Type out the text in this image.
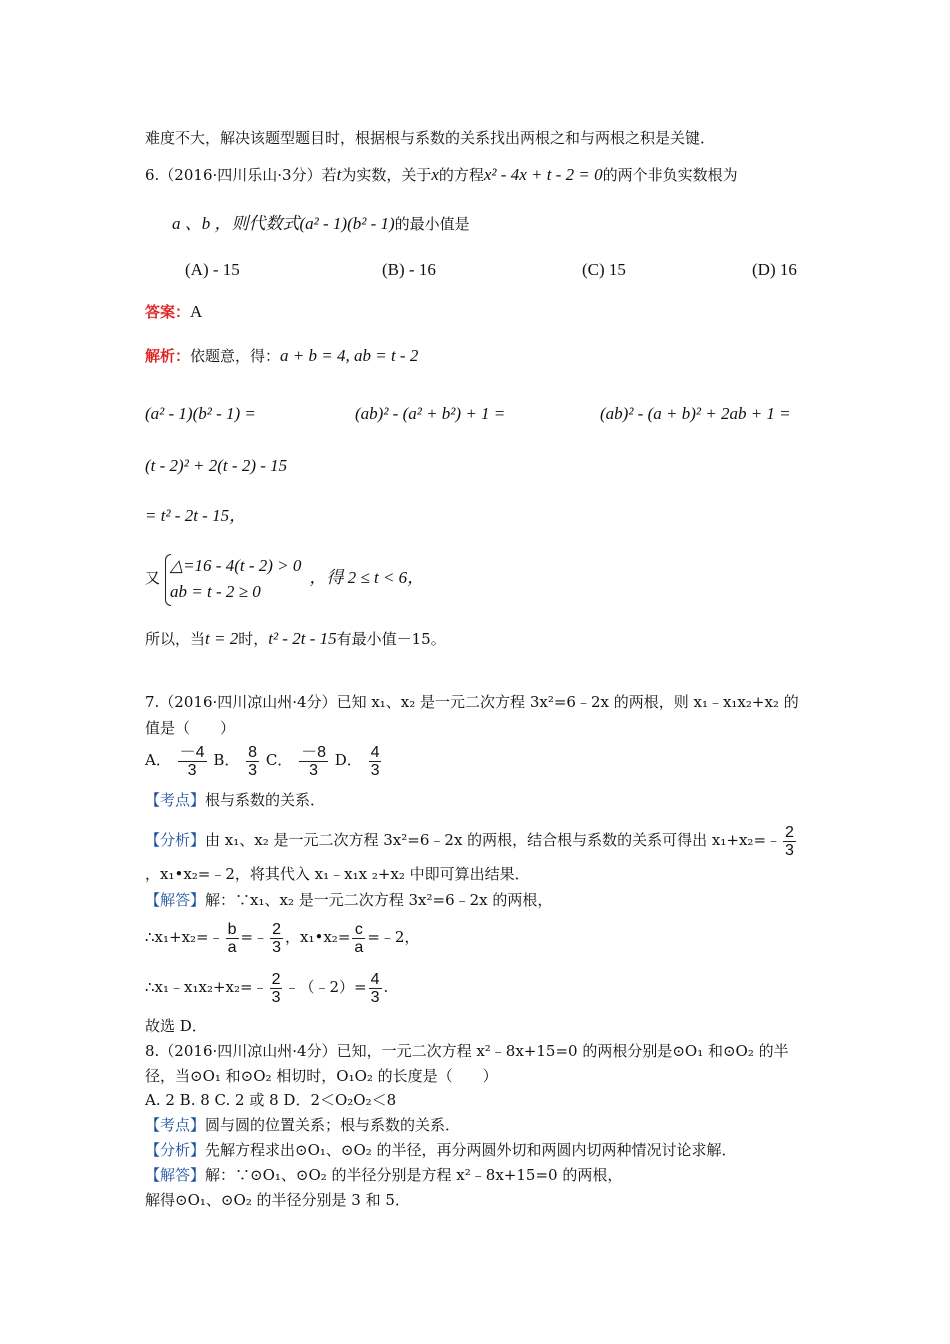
难度不大，解决该题型题目时，根据根与系数的关系找出两根之和与两根之积是关键．
6.（2016·四川乐山·3分）若t为实数，关于x的方程x² - 4x + t - 2 = 0的两个非负实数根为
a 、b ，则代数式(a² - 1)(b² - 1)的最小值是
(A) - 15	(B) - 16	(C) 15	(D) 16
答案：A
解析：依题意，得：a + b = 4, ab = t - 2
(a² - 1)(b² - 1) =	(ab)² - (a² + b²) + 1 =	(ab)² - (a + b)² + 2ab + 1 =
(t - 2)² + 2(t - 2) - 15
= t² - 2t - 15，
又
△=16 - 4(t - 2) > 0
ab = t - 2 ≥ 0
，得 2 ≤ t < 6，
所以，当t = 2时，t² - 2t - 15有最小值－15。
7.（2016·四川凉山州·4分）已知 x₁、x₂ 是一元二次方程 3x²=6﹣2x 的两根，则 x₁﹣x₁x₂+x₂ 的
值是（　　）
A． $\frac{-4}{3}$ B． $\frac{8}{3}$ C． $\frac{-8}{3}$ D． $\frac{4}{3}$
【考点】根与系数的关系．
【分析】由 x₁、x₂ 是一元二次方程 3x²=6﹣2x 的两根，结合根与系数的关系可得出 x₁+x₂=﹣ $\frac{2}{3}$
，x₁•x₂=﹣2，将其代入 x₁﹣x₁x ₂+x₂ 中即可算出结果．
【解答】解：∵x₁、x₂ 是一元二次方程 3x²=6﹣2x 的两根，
∴x₁+x₂=﹣ $\frac{b}{a}$ =﹣ $\frac{2}{3}$ ，x₁•x₂= $\frac{c}{a}$ =﹣2，
∴x₁﹣x₁x₂+x₂=﹣ $\frac{2}{3}$ ﹣（﹣2）= $\frac{4}{3}$ .
故选 D．
8.（2016·四川凉山州·4分）已知，一元二次方程 x²﹣8x+15=0 的两根分别是⊙O₁ 和⊙O₂ 的半
径，当⊙O₁ 和⊙O₂ 相切时，O₁O₂ 的长度是（　　）
A. 2 B. 8 C. 2 或 8 D．2＜O₂O₂＜8
【考点】圆与圆的位置关系；根与系数的关系．
【分析】先解方程求出⊙O₁、⊙O₂ 的半径，再分两圆外切和两圆内切两种情况讨论求解．
【解答】解：∵⊙O₁、⊙O₂ 的半径分别是方程 x²﹣8x+15=0 的两根，
解得⊙O₁、⊙O₂ 的半径分别是 3 和 5．
